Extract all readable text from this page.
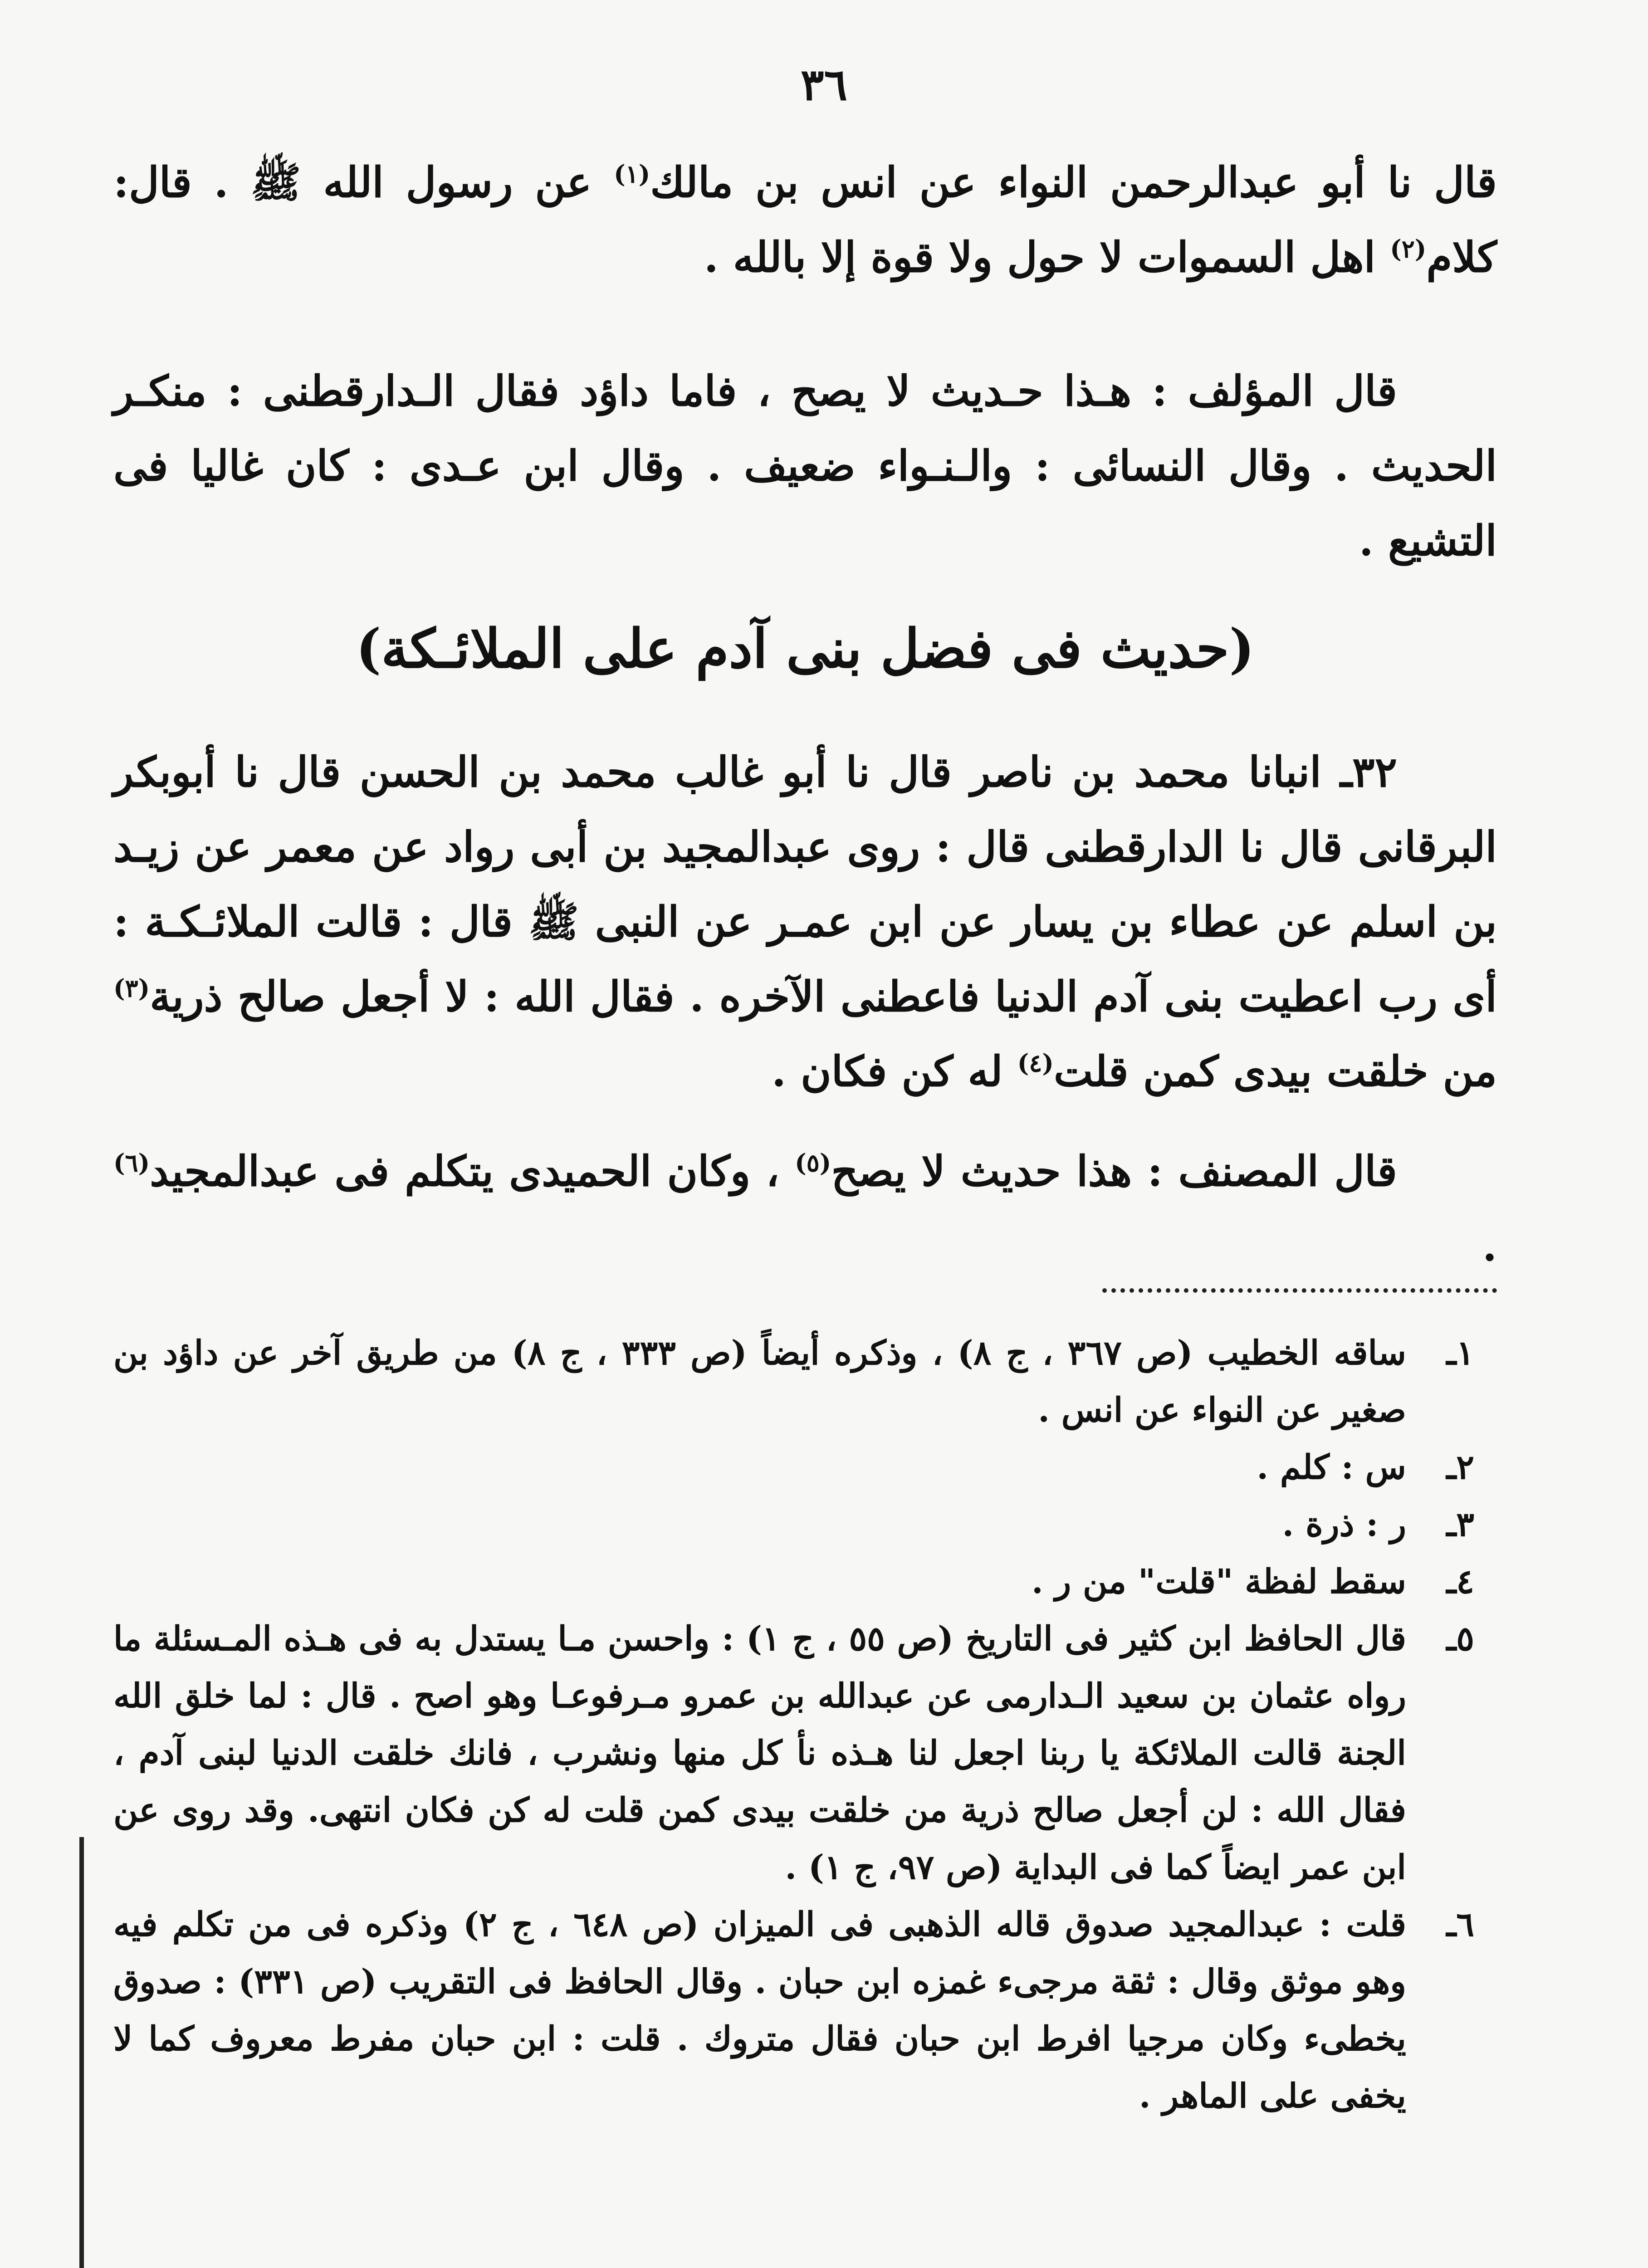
٣٦

قال نا أبو عبدالرحمن النواء عن انس بن مالك$^{(١)}$ عن رسول الله ﷺ . قال: كلام$^{(٢)}$ اهل السموات لا حول ولا قوة إلا بالله .

قال المؤلف : هـذا حـديث لا يصح ، فاما داؤد فقال الـدارقطنى : منكـر الحديث . وقال النسائى : والـنـواء ضعيف . وقال ابن عـدى : كان غاليا فى التشيع .

(حديث فى فضل بنى آدم على الملائـكة)

٣٢ـ انبانا محمد بن ناصر قال نا أبو غالب محمد بن الحسن قال نا أبوبكر البرقانى قال نا الدارقطنى قال : روى عبدالمجيد بن أبى رواد عن معمر عن زيـد بن اسلم عن عطاء بن يسار عن ابن عمـر عن النبى ﷺ قال : قالت الملائـكـة : أى رب اعطيت بنى آدم الدنيا فاعطنى الآخره . فقال الله : لا أجعل صالح ذرية$^{(٣)}$ من خلقت بيدى كمن قلت$^{(٤)}$ له كن فكان .

قال المصنف : هذا حديث لا يصح$^{(٥)}$ ، وكان الحميدى يتكلم فى عبدالمجيد$^{(٦)}$ .

١ـ
ساقه الخطيب (ص ٣٦٧ ، ج ٨) ، وذكره أيضاً (ص ٣٣٣ ، ج ٨) من طريق آخر عن داؤد بن صغير عن النواء عن انس .
٢ـ
س : كلم .
٣ـ
ر : ذرة .
٤ـ
سقط لفظة "قلت" من ر .
٥ـ
قال الحافظ ابن كثير فى التاريخ (ص ٥٥ ، ج ١) : واحسن مـا يستدل به فى هـذه المـسئلة ما رواه عثمان بن سعيد الـدارمى عن عبدالله بن عمرو مـرفوعـا وهو اصح . قال : لما خلق الله الجنة قالت الملائكة يا ربنا اجعل لنا هـذه نأ كل منها ونشرب ، فانك خلقت الدنيا لبنى آدم ، فقال الله : لن أجعل صالح ذرية من خلقت بيدى كمن قلت له كن فكان انتهى. وقد روى عن ابن عمر ايضاً كما فى البداية (ص ٩٧، ج ١) .
٦ـ
قلت : عبدالمجيد صدوق قاله الذهبى فى الميزان (ص ٦٤٨ ، ج ٢) وذكره فى من تكلم فيه وهو موثق وقال : ثقة مرجىء غمزه ابن حبان . وقال الحافظ فى التقريب (ص ٣٣١) : صدوق يخطىء وكان مرجيا افرط ابن حبان فقال متروك . قلت : ابن حبان مفرط معروف كما لا يخفى على الماهر .
